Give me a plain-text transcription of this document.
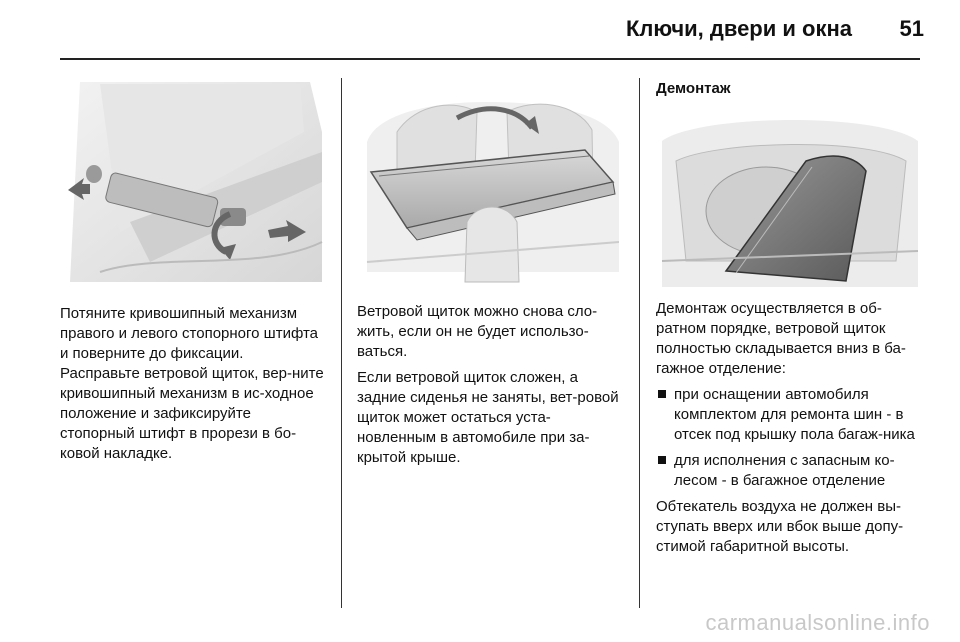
Ключи, двери и окна 51

Потяните кривошипный механизм правого и левого стопорного штифта и поверните до фиксации. Расправьте ветровой щиток, вер-ните кривошипный механизм в ис-ходное положение и зафиксируйте стопорный штифт в прорези в бо-ковой накладке.

Ветровой щиток можно снова сло-жить, если он не будет использо-ваться.

Если ветровой щиток сложен, а задние сиденья не заняты, вет-ровой щиток может остаться уста-новленным в автомобиле при за-крытой крыше.

Демонтаж

Демонтаж осуществляется в об-ратном порядке, ветровой щиток полностью складывается вниз в ба-гажное отделение:

при оснащении автомобиля комплектом для ремонта шин - в отсек под крышку пола багаж-ника
для исполнения с запасным ко-лесом - в багажное отделение

Обтекатель воздуха не должен вы-ступать вверх или вбок выше допу-стимой габаритной высоты.

carmanualsonline.info
